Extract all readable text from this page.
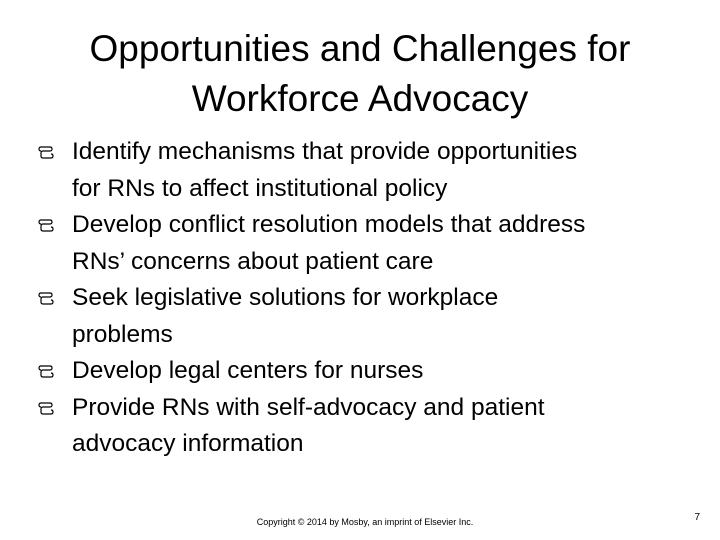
Opportunities and Challenges for
Workforce Advocacy
Identify mechanisms that provide opportunities
for RNs to affect institutional policy
Develop conflict resolution models that address
RNs’ concerns about patient care
Seek legislative solutions for workplace
problems
Develop legal centers for nurses
Provide RNs with self-advocacy and patient
advocacy information
Copyright © 2014 by Mosby, an imprint of Elsevier Inc.	7
